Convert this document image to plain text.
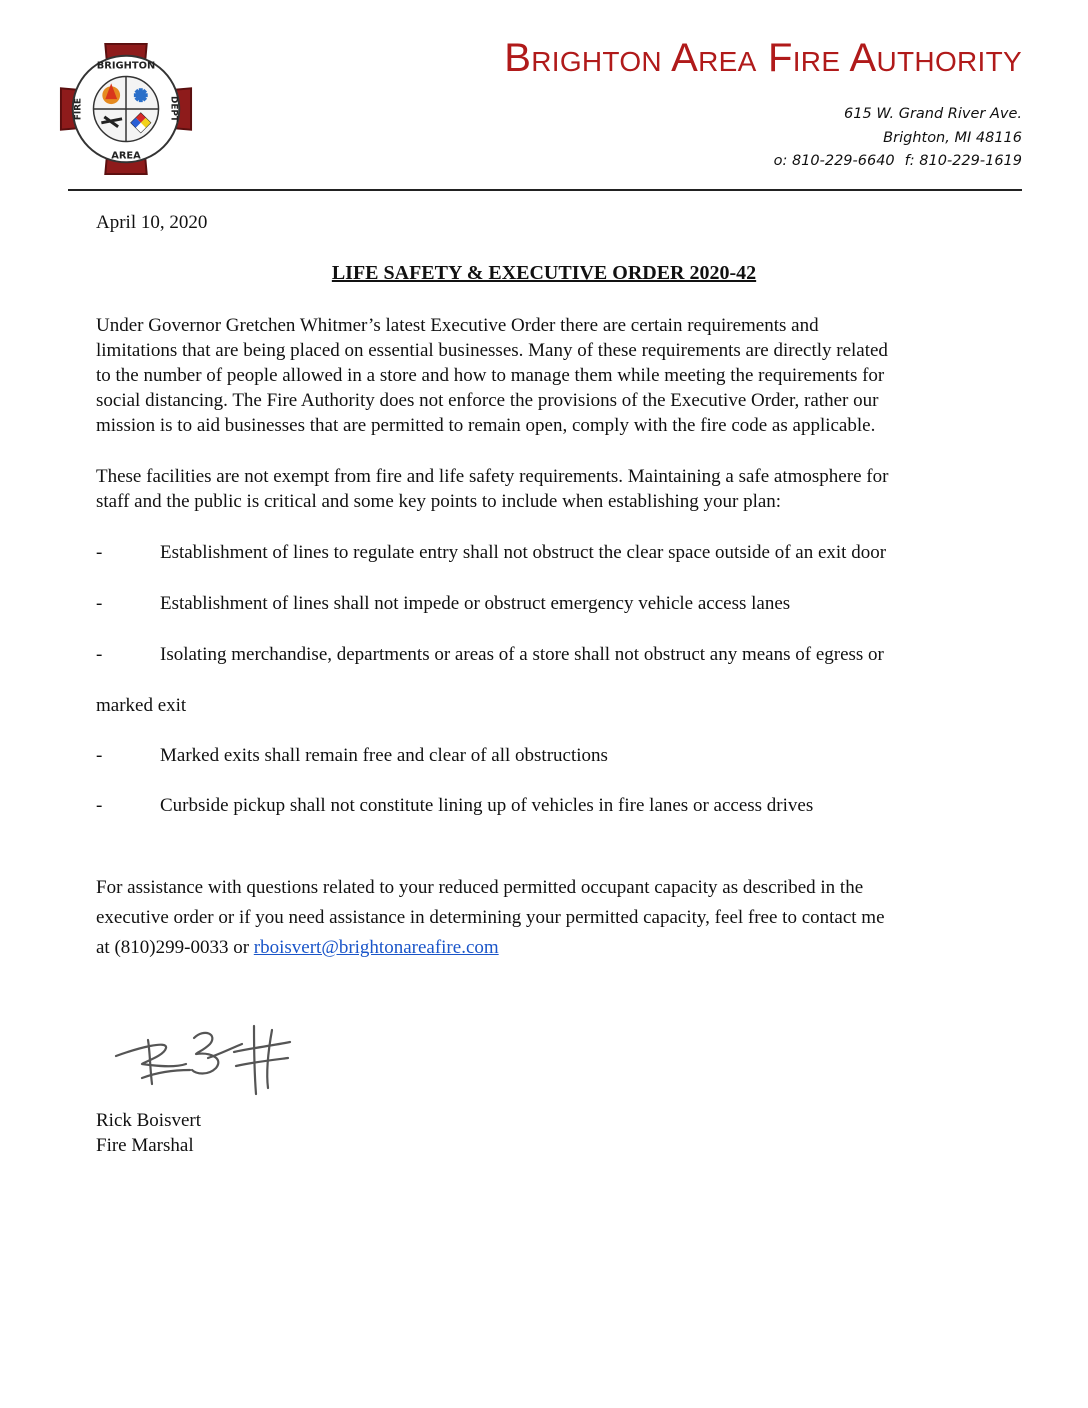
BRIGHTON
AREA
FIRE	DEPT
Brighton Area Fire Authority
615 W. Grand River Ave.
Brighton, MI 48116
o: 810-229-6640 f: 810-229-1619
April 10, 2020
LIFE SAFETY & EXECUTIVE ORDER 2020-42
Under Governor Gretchen Whitmer’s latest Executive Order there are certain requirements and
limitations that are being placed on essential businesses. Many of these requirements are directly related
to the number of people allowed in a store and how to manage them while meeting the requirements for
social distancing. The Fire Authority does not enforce the provisions of the Executive Order, rather our
mission is to aid businesses that are permitted to remain open, comply with the fire code as applicable.
These facilities are not exempt from fire and life safety requirements. Maintaining a safe atmosphere for
staff and the public is critical and some key points to include when establishing your plan:
-	Establishment of lines to regulate entry shall not obstruct the clear space outside of an exit door
-	Establishment of lines shall not impede or obstruct emergency vehicle access lanes
-	Isolating merchandise, departments or areas of a store shall not obstruct any means of egress or
marked exit
-	Marked exits shall remain free and clear of all obstructions
-	Curbside pickup shall not constitute lining up of vehicles in fire lanes or access drives
For assistance with questions related to your reduced permitted occupant capacity as described in the
executive order or if you need assistance in determining your permitted capacity, feel free to contact me
at (810)299-0033 or rboisvert@brightonareafire.com
Rick Boisvert
Fire Marshal
